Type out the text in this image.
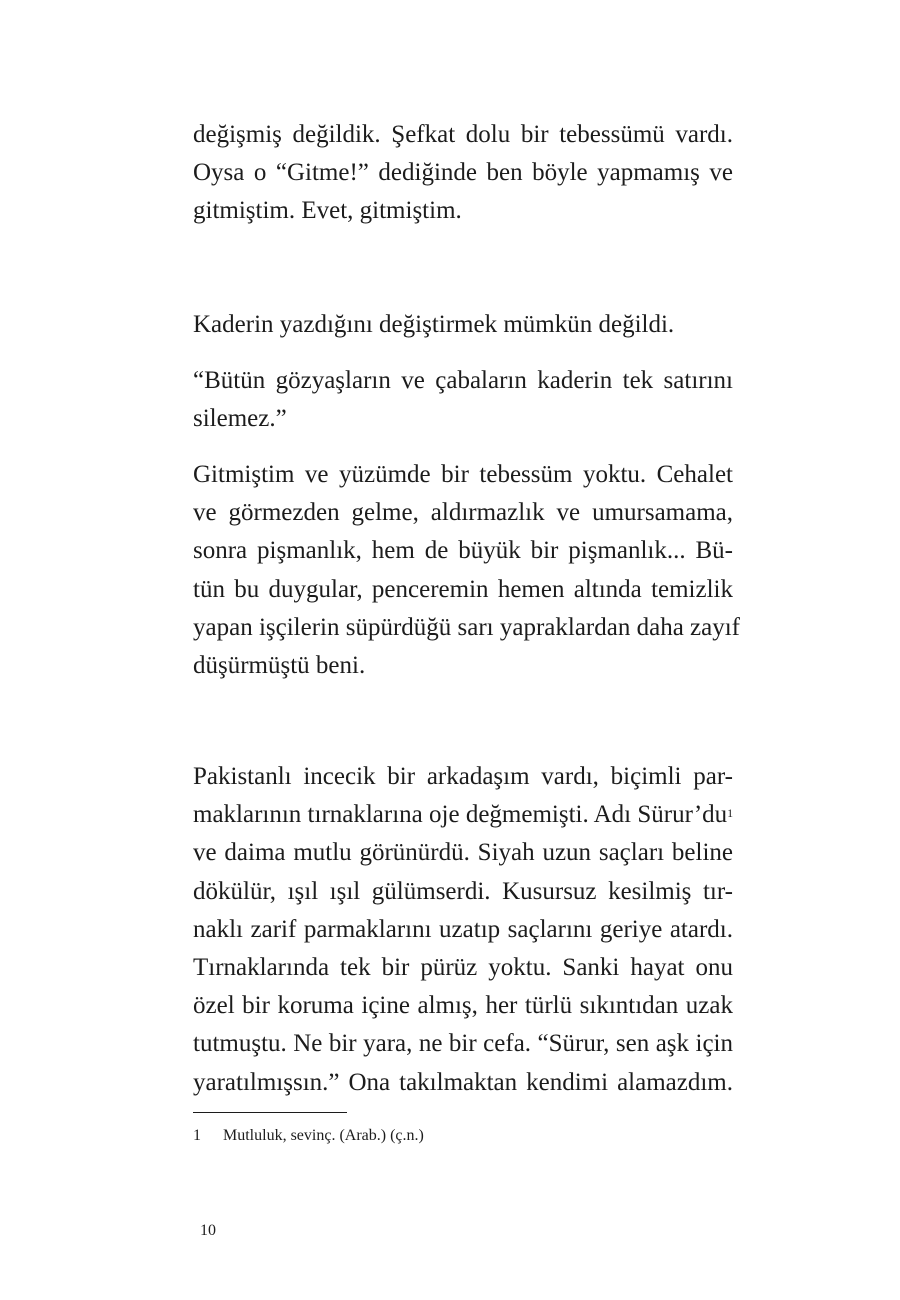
değişmiş değildik. Şefkat dolu bir tebessümü vardı.
Oysa o “Gitme!” dediğinde ben böyle yapmamış ve
gitmiştim. Evet, gitmiştim.
Kaderin yazdığını değiştirmek mümkün değildi.
“Bütün gözyaşların ve çabaların kaderin tek satırını
silemez.”
Gitmiştim ve yüzümde bir tebessüm yoktu. Cehalet
ve görmezden gelme, aldırmazlık ve umursamama,
sonra pişmanlık, hem de büyük bir pişmanlık... Bü-
tün bu duygular, penceremin hemen altında temizlik
yapan işçilerin süpürdüğü sarı yapraklardan daha zayıf
düşürmüştü beni.
Pakistanlı incecik bir arkadaşım vardı, biçimli par-
maklarının tırnaklarına oje değmemişti. Adı Sürur’du$^1$
ve daima mutlu görünürdü. Siyah uzun saçları beline
dökülür, ışıl ışıl gülümserdi. Kusursuz kesilmiş tır-
naklı zarif parmaklarını uzatıp saçlarını geriye atardı.
Tırnaklarında tek bir pürüz yoktu. Sanki hayat onu
özel bir koruma içine almış, her türlü sıkıntıdan uzak
tutmuştu. Ne bir yara, ne bir cefa. “Sürur, sen aşk için
yaratılmışsın.” Ona takılmaktan kendimi alamazdım.
1 Mutluluk, sevinç. (Arab.) (ç.n.)
10
